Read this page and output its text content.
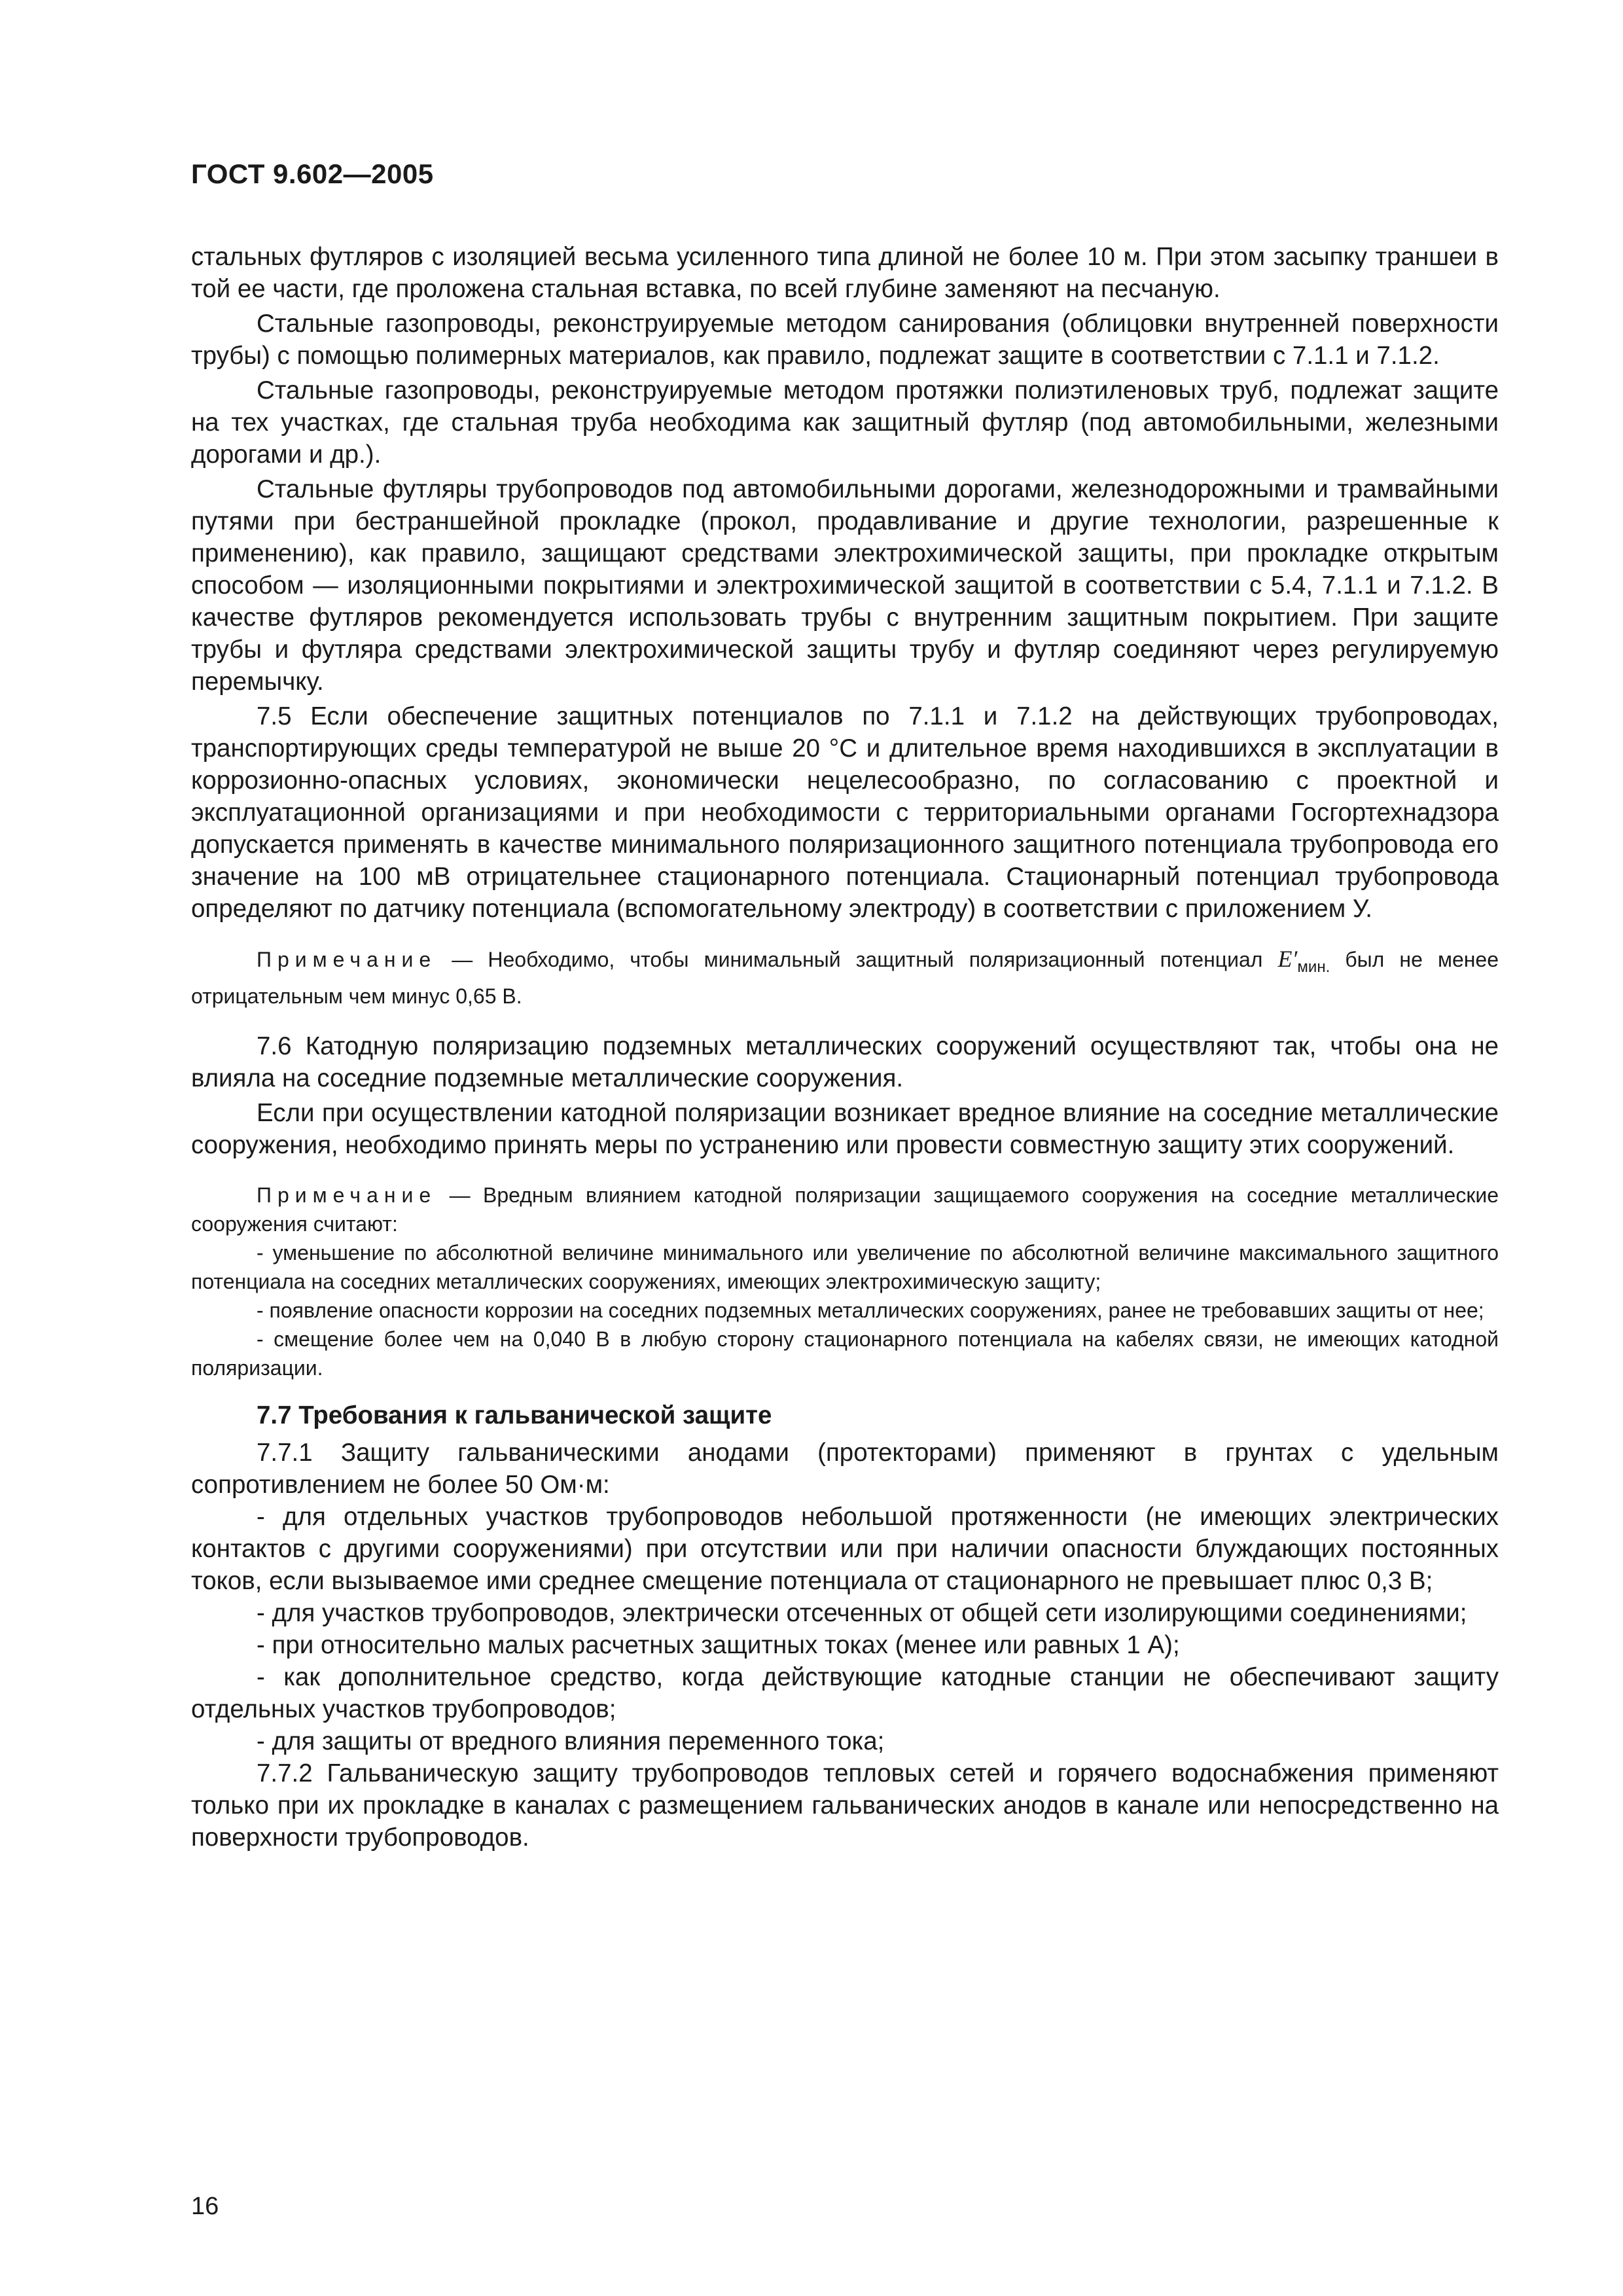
ГОСТ 9.602—2005

стальных футляров с изоляцией весьма усиленного типа длиной не более 10 м. При этом засыпку траншеи в той ее части, где проложена стальная вставка, по всей глубине заменяют на песчаную.

Стальные газопроводы, реконструируемые методом санирования (облицовки внутренней поверхности трубы) с помощью полимерных материалов, как правило, подлежат защите в соответствии с 7.1.1 и 7.1.2.

Стальные газопроводы, реконструируемые методом протяжки полиэтиленовых труб, подлежат защите на тех участках, где стальная труба необходима как защитный футляр (под автомобильными, железными дорогами и др.).

Стальные футляры трубопроводов под автомобильными дорогами, железнодорожными и трамвайными путями при бестраншейной прокладке (прокол, продавливание и другие технологии, разрешенные к применению), как правило, защищают средствами электрохимической защиты, при прокладке открытым способом — изоляционными покрытиями и электрохимической защитой в соответствии с 5.4, 7.1.1 и 7.1.2. В качестве футляров рекомендуется использовать трубы с внутренним защитным покрытием. При защите трубы и футляра средствами электрохимической защиты трубу и футляр соединяют через регулируемую перемычку.

7.5 Если обеспечение защитных потенциалов по 7.1.1 и 7.1.2 на действующих трубопроводах, транспортирующих среды температурой не выше 20 °С и длительное время находившихся в эксплуатации в коррозионно-опасных условиях, экономически нецелесообразно, по согласованию с проектной и эксплуатационной организациями и при необходимости с территориальными органами Госгортехнадзора допускается применять в качестве минимального поляризационного защитного потенциала трубопровода его значение на 100 мВ отрицательнее стационарного потенциала. Стационарный потенциал трубопровода определяют по датчику потенциала (вспомогательному электроду) в соответствии с приложением У.

Примечание — Необходимо, чтобы минимальный защитный поляризационный потенциал $E'_{мин.}$ был не менее отрицательным чем минус 0,65 В.

7.6 Катодную поляризацию подземных металлических сооружений осуществляют так, чтобы она не влияла на соседние подземные металлические сооружения.

Если при осуществлении катодной поляризации возникает вредное влияние на соседние металлические сооружения, необходимо принять меры по устранению или провести совместную защиту этих сооружений.

Примечание — Вредным влиянием катодной поляризации защищаемого сооружения на соседние металлические сооружения считают:

- уменьшение по абсолютной величине минимального или увеличение по абсолютной величине максимального защитного потенциала на соседних металлических сооружениях, имеющих электрохимическую защиту;

- появление опасности коррозии на соседних подземных металлических сооружениях, ранее не требовавших защиты от нее;

- смещение более чем на 0,040 В в любую сторону стационарного потенциала на кабелях связи, не имеющих катодной поляризации.

7.7 Требования к гальванической защите

7.7.1 Защиту гальваническими анодами (протекторами) применяют в грунтах с удельным сопротивлением не более 50 Ом·м:

- для отдельных участков трубопроводов небольшой протяженности (не имеющих электрических контактов с другими сооружениями) при отсутствии или при наличии опасности блуждающих постоянных токов, если вызываемое ими среднее смещение потенциала от стационарного не превышает плюс 0,3 В;

- для участков трубопроводов, электрически отсеченных от общей сети изолирующими соединениями;

- при относительно малых расчетных защитных токах (менее или равных 1 А);

- как дополнительное средство, когда действующие катодные станции не обеспечивают защиту отдельных участков трубопроводов;

- для защиты от вредного влияния переменного тока;

7.7.2 Гальваническую защиту трубопроводов тепловых сетей и горячего водоснабжения применяют только при их прокладке в каналах с размещением гальванических анодов в канале или непосредственно на поверхности трубопроводов.

16
